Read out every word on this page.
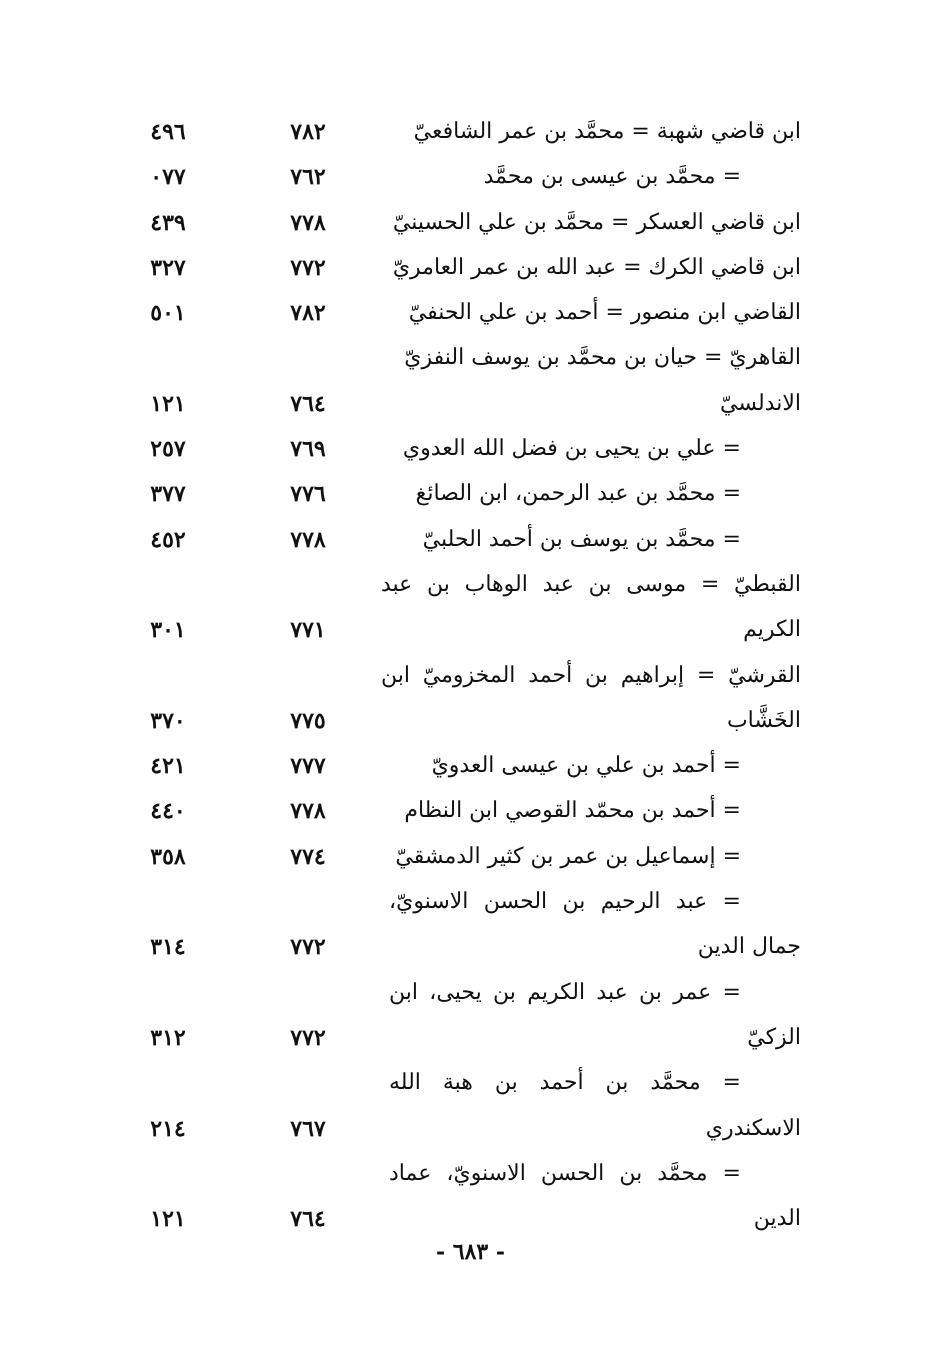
ابن قاضي شهبة = محمَّد بن عمر الشافعيّ
٧٨٢
٤٩٦
= محمَّد بن عيسى بن محمَّد
٧٦٢
٠٧٧
ابن قاضي العسكر = محمَّد بن علي الحسينيّ
٧٧٨
٤٣٩
ابن قاضي الكرك = عبد الله بن عمر العامريّ
٧٧٢
٣٢٧
القاضي ابن منصور = أحمد بن علي الحنفيّ
٧٨٢
٥٠١
القاهريّ = حيان بن محمَّد بن يوسف النفزيّ
الاندلسيّ
٧٦٤
١٢١
= علي بن يحيى بن فضل الله العدوي
٧٦٩
٢٥٧
= محمَّد بن عبد الرحمن، ابن الصائغ
٧٧٦
٣٧٧
= محمَّد بن يوسف بن أحمد الحلبيّ
٧٧٨
٤٥٢
القبطيّ = موسى بن عبد الوهاب بن عبد
الكريم
٧٧١
٣٠١
القرشيّ = إبراهيم بن أحمد المخزوميّ ابن
الخَشَّاب
٧٧٥
٣٧٠
= أحمد بن علي بن عيسى العدويّ
٧٧٧
٤٢١
= أحمد بن محمّد القوصي ابن النظام
٧٧٨
٤٤٠
= إسماعيل بن عمر بن كثير الدمشقيّ
٧٧٤
٣٥٨
= عبد الرحيم بن الحسن الاسنويّ،
جمال الدين
٧٧٢
٣١٤
= عمر بن عبد الكريم بن يحيى، ابن
الزكيّ
٧٧٢
٣١٢
= محمَّد بن أحمد بن هبة الله
الاسكندري
٧٦٧
٢١٤
= محمَّد بن الحسن الاسنويّ، عماد
الدين
٧٦٤
١٢١
- ٦٨٣ -
